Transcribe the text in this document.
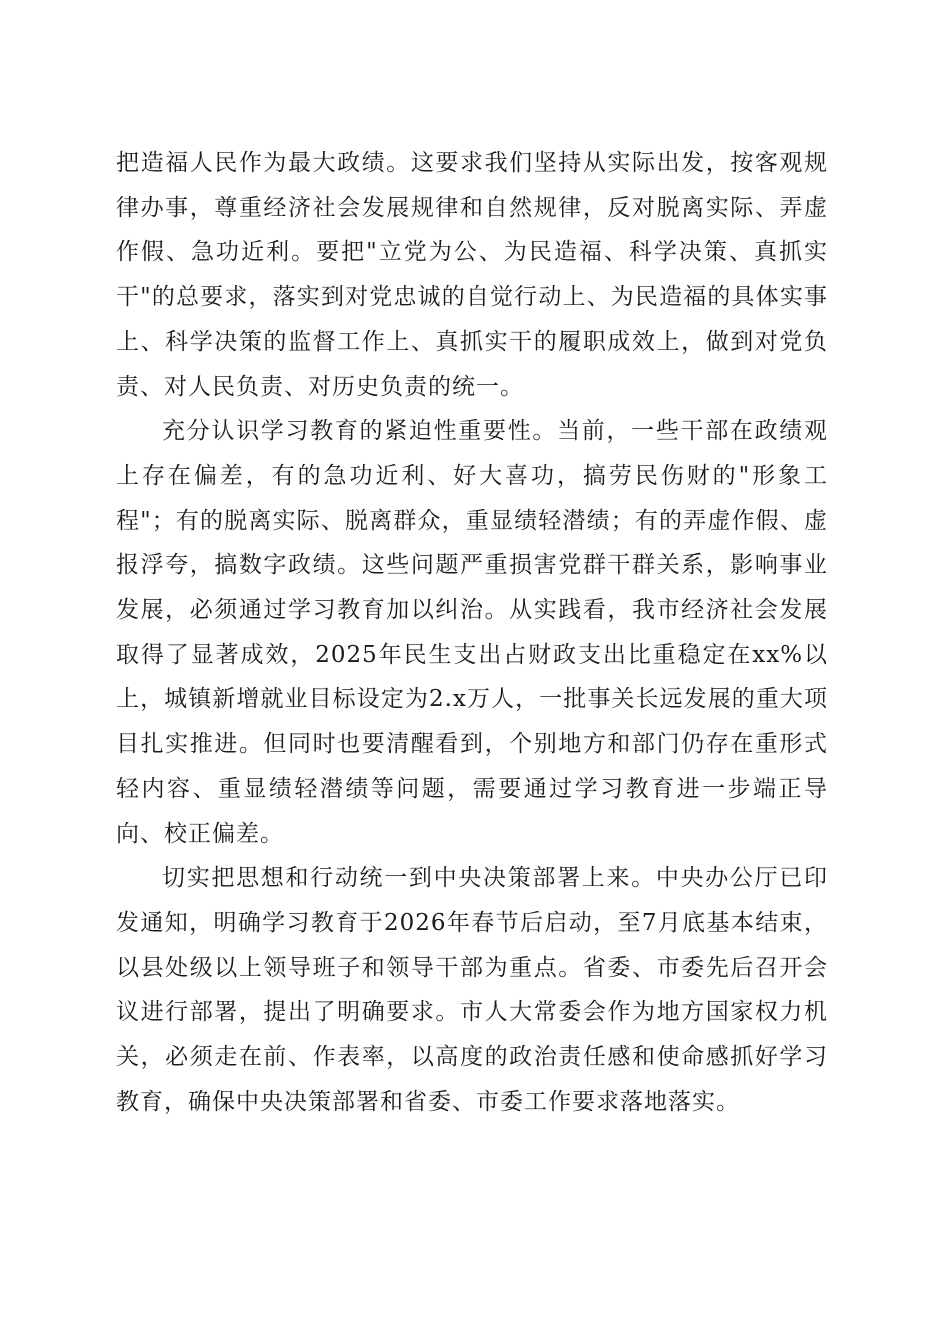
把造福人民作为最大政绩。这要求我们坚持从实际出发，按客观规律办事，尊重经济社会发展规律和自然规律，反对脱离实际、弄虚作假、急功近利。要把"立党为公、为民造福、科学决策、真抓实干"的总要求，落实到对党忠诚的自觉行动上、为民造福的具体实事上、科学决策的监督工作上、真抓实干的履职成效上，做到对党负责、对人民负责、对历史负责的统一。

充分认识学习教育的紧迫性重要性。当前，一些干部在政绩观上存在偏差，有的急功近利、好大喜功，搞劳民伤财的"形象工程"；有的脱离实际、脱离群众，重显绩轻潜绩；有的弄虚作假、虚报浮夸，搞数字政绩。这些问题严重损害党群干群关系，影响事业发展，必须通过学习教育加以纠治。从实践看，我市经济社会发展取得了显著成效，2025年民生支出占财政支出比重稳定在xx%以上，城镇新增就业目标设定为2.x万人，一批事关长远发展的重大项目扎实推进。但同时也要清醒看到，个别地方和部门仍存在重形式轻内容、重显绩轻潜绩等问题，需要通过学习教育进一步端正导向、校正偏差。

切实把思想和行动统一到中央决策部署上来。中央办公厅已印发通知，明确学习教育于2026年春节后启动，至7月底基本结束，以县处级以上领导班子和领导干部为重点。省委、市委先后召开会议进行部署，提出了明确要求。市人大常委会作为地方国家权力机关，必须走在前、作表率，以高度的政治责任感和使命感抓好学习教育，确保中央决策部署和省委、市委工作要求落地落实。
